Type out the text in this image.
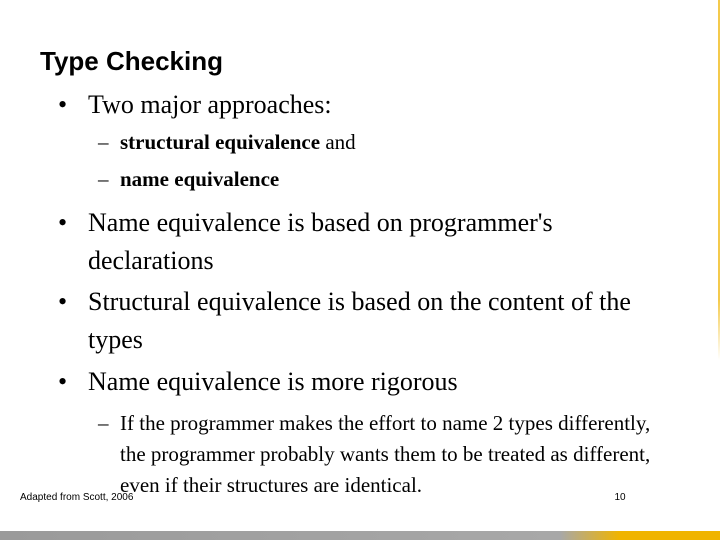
Type Checking
• Two major approaches:
– structural equivalence and
– name equivalence
• Name equivalence is based on programmer's declarations
• Structural equivalence is based on the content of the types
• Name equivalence is more rigorous
– If the programmer makes the effort to name 2 types differently, the programmer probably wants them to be treated as different, even if their structures are identical.
Adapted from Scott, 2006	10
